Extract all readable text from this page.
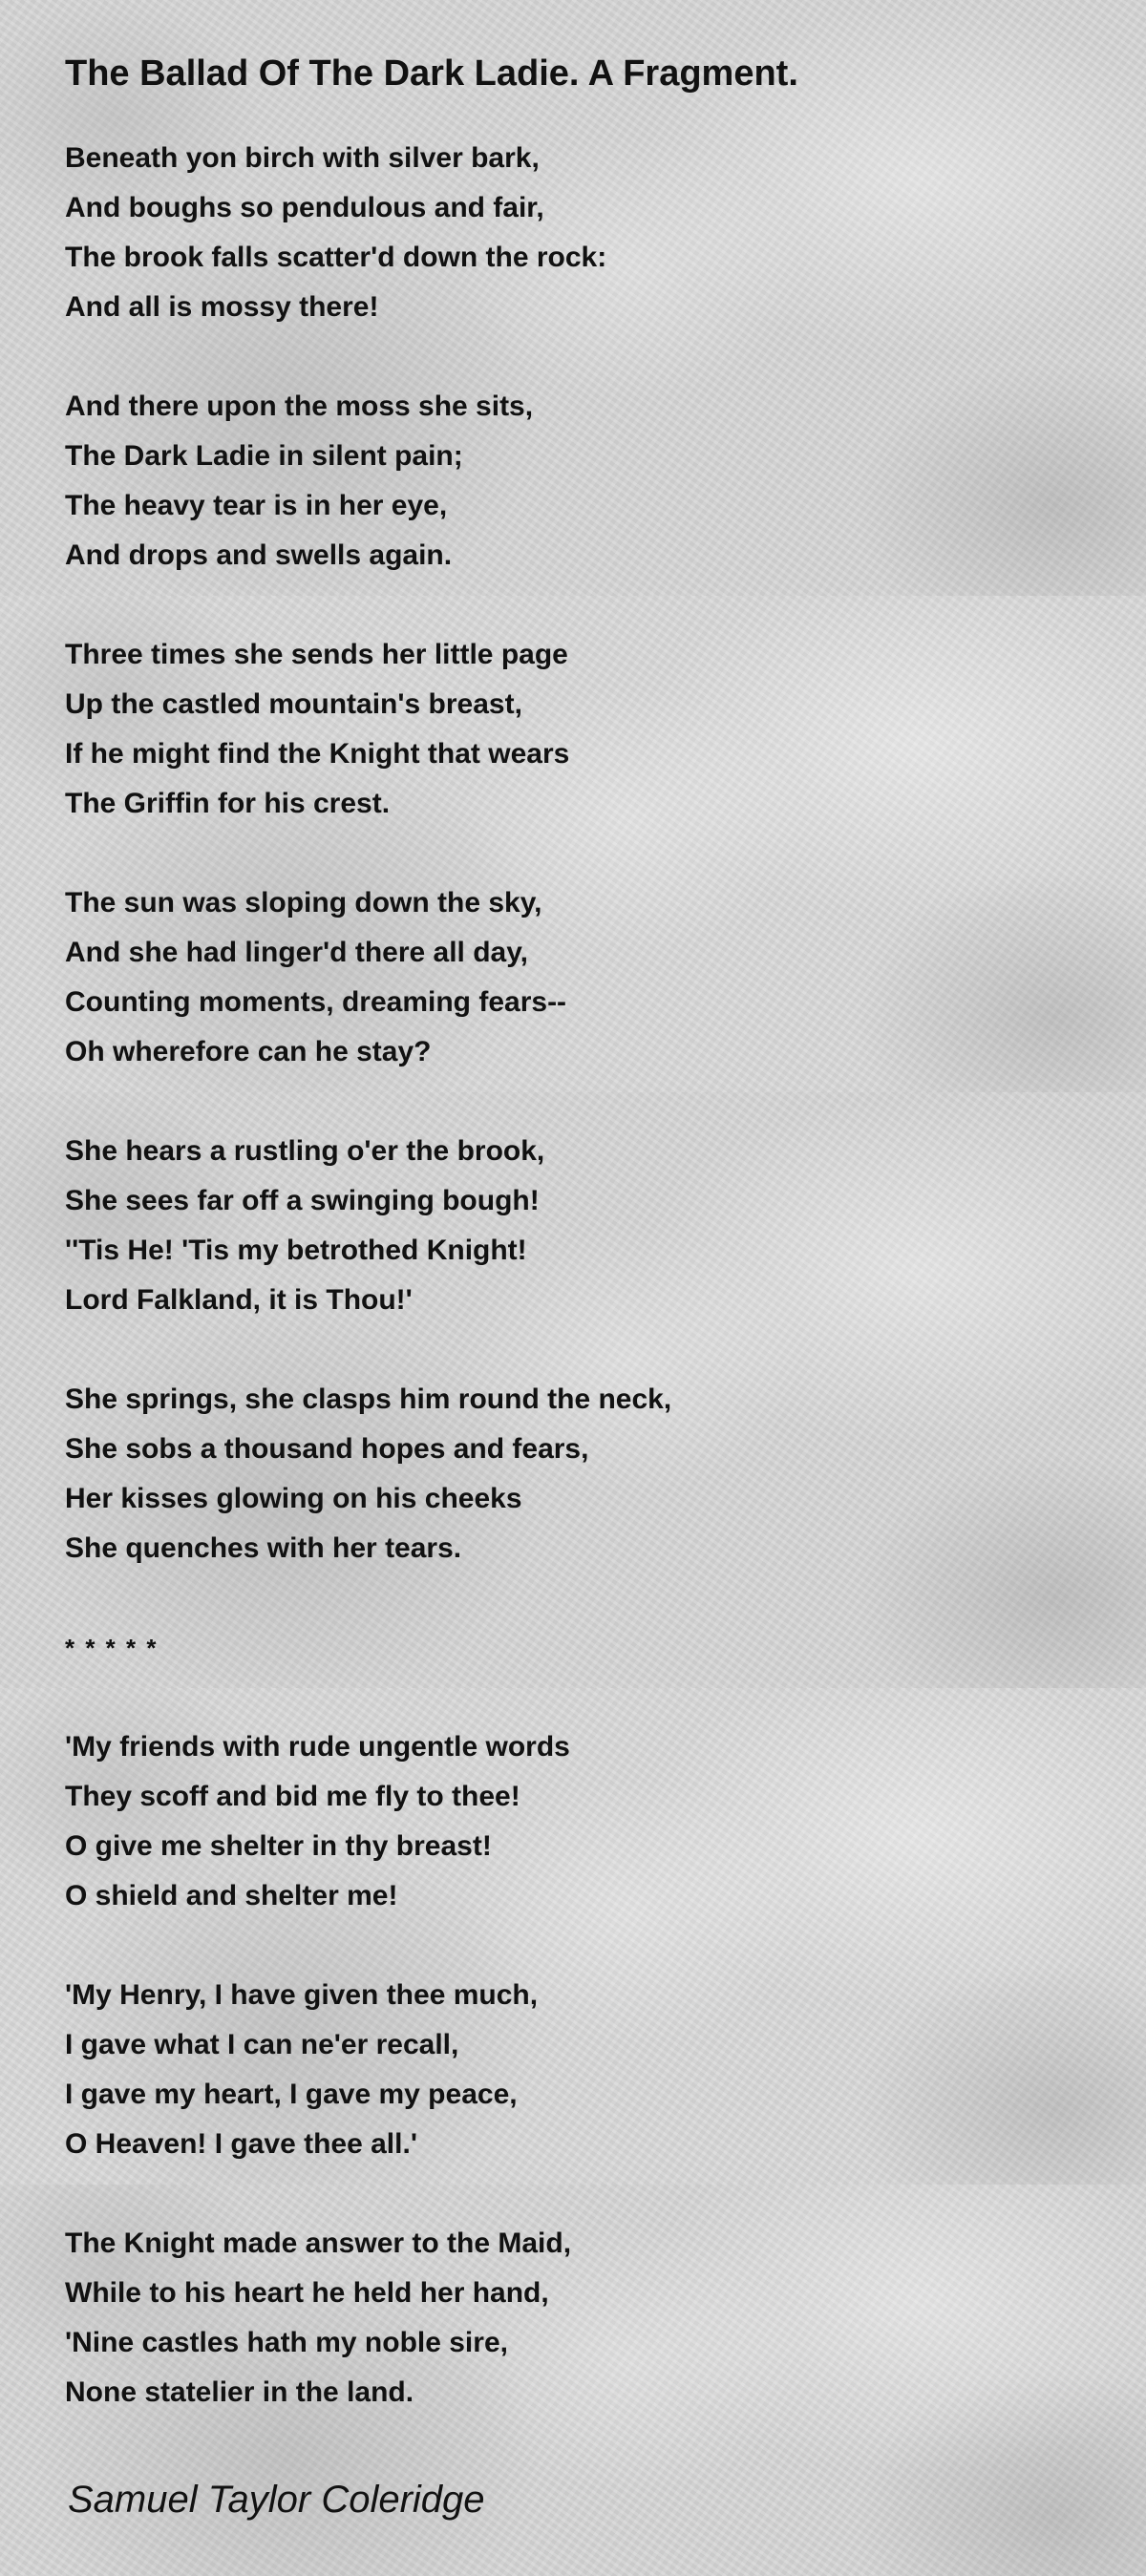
The Ballad Of The Dark Ladie. A Fragment.
Beneath yon birch with silver bark,
And boughs so pendulous and fair,
The brook falls scatter'd down the rock:
And all is mossy there!
And there upon the moss she sits,
The Dark Ladie in silent pain;
The heavy tear is in her eye,
And drops and swells again.
Three times she sends her little page
Up the castled mountain's breast,
If he might find the Knight that wears
The Griffin for his crest.
The sun was sloping down the sky,
And she had linger'd there all day,
Counting moments, dreaming fears--
Oh wherefore can he stay?
She hears a rustling o'er the brook,
She sees far off a swinging bough!
''Tis He! 'Tis my betrothed Knight!
Lord Falkland, it is Thou!'
She springs, she clasps him round the neck,
She sobs a thousand hopes and fears,
Her kisses glowing on his cheeks
She quenches with her tears.
* * * * *
'My friends with rude ungentle words
They scoff and bid me fly to thee!
O give me shelter in thy breast!
O shield and shelter me!
'My Henry, I have given thee much,
I gave what I can ne'er recall,
I gave my heart, I gave my peace,
O Heaven! I gave thee all.'
The Knight made answer to the Maid,
While to his heart he held her hand,
'Nine castles hath my noble sire,
None statelier in the land.
Samuel Taylor Coleridge
